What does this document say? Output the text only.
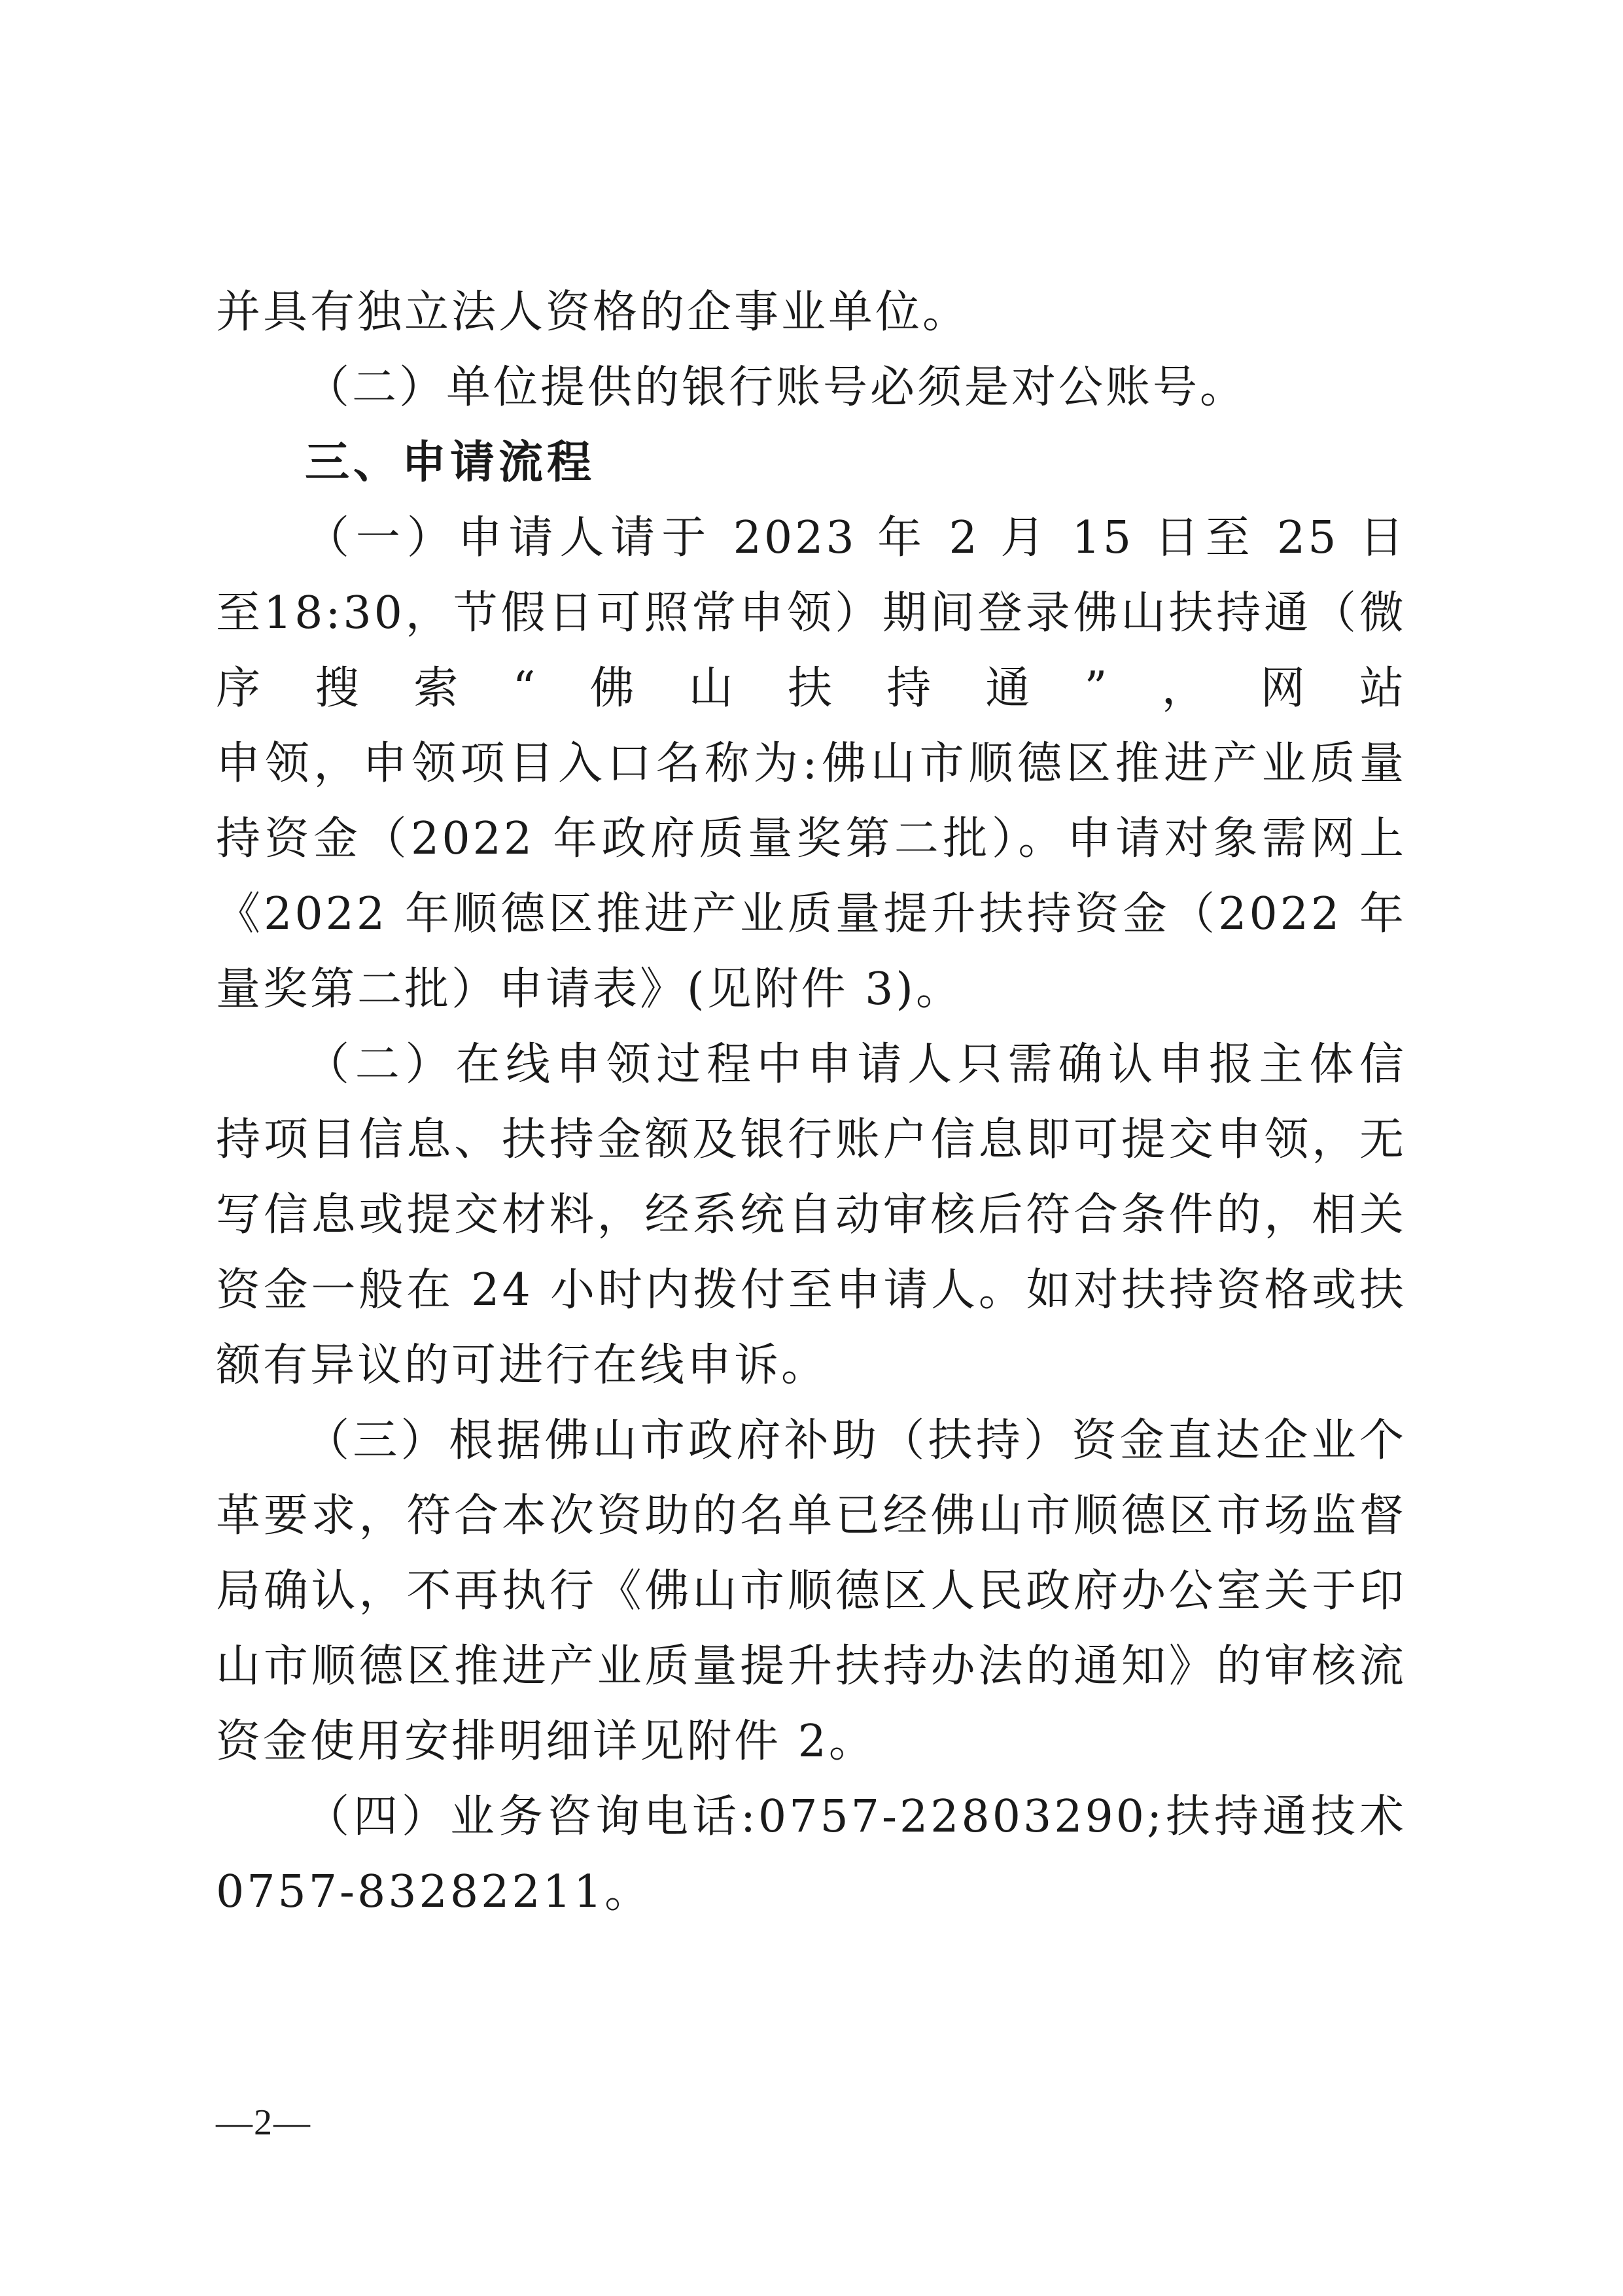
并具有独立法人资格的企事业单位。
（二）单位提供的银行账号必须是对公账号。
三、申请流程
（一）申请人请于 2023 年 2 月 15 日至 25 日
至18:30，节假日可照常申领）期间登录佛山扶持通（微
序搜索“佛山扶持通”，网站
申领，申领项目入口名称为:佛山市顺德区推进产业质量
持资金（2022 年政府质量奖第二批）。申请对象需网上
《2022 年顺德区推进产业质量提升扶持资金（2022 年
量奖第二批）申请表》(见附件 3)。
（二）在线申领过程中申请人只需确认申报主体信
持项目信息、扶持金额及银行账户信息即可提交申领，无
写信息或提交材料，经系统自动审核后符合条件的，相关
资金一般在 24 小时内拨付至申请人。如对扶持资格或扶
额有异议的可进行在线申诉。
（三）根据佛山市政府补助（扶持）资金直达企业个
革要求，符合本次资助的名单已经佛山市顺德区市场监督
局确认，不再执行《佛山市顺德区人民政府办公室关于印
山市顺德区推进产业质量提升扶持办法的通知》的审核流
资金使用安排明细详见附件 2。
（四）业务咨询电话:0757-22803290;扶持通技术
0757-83282211。
—2—
